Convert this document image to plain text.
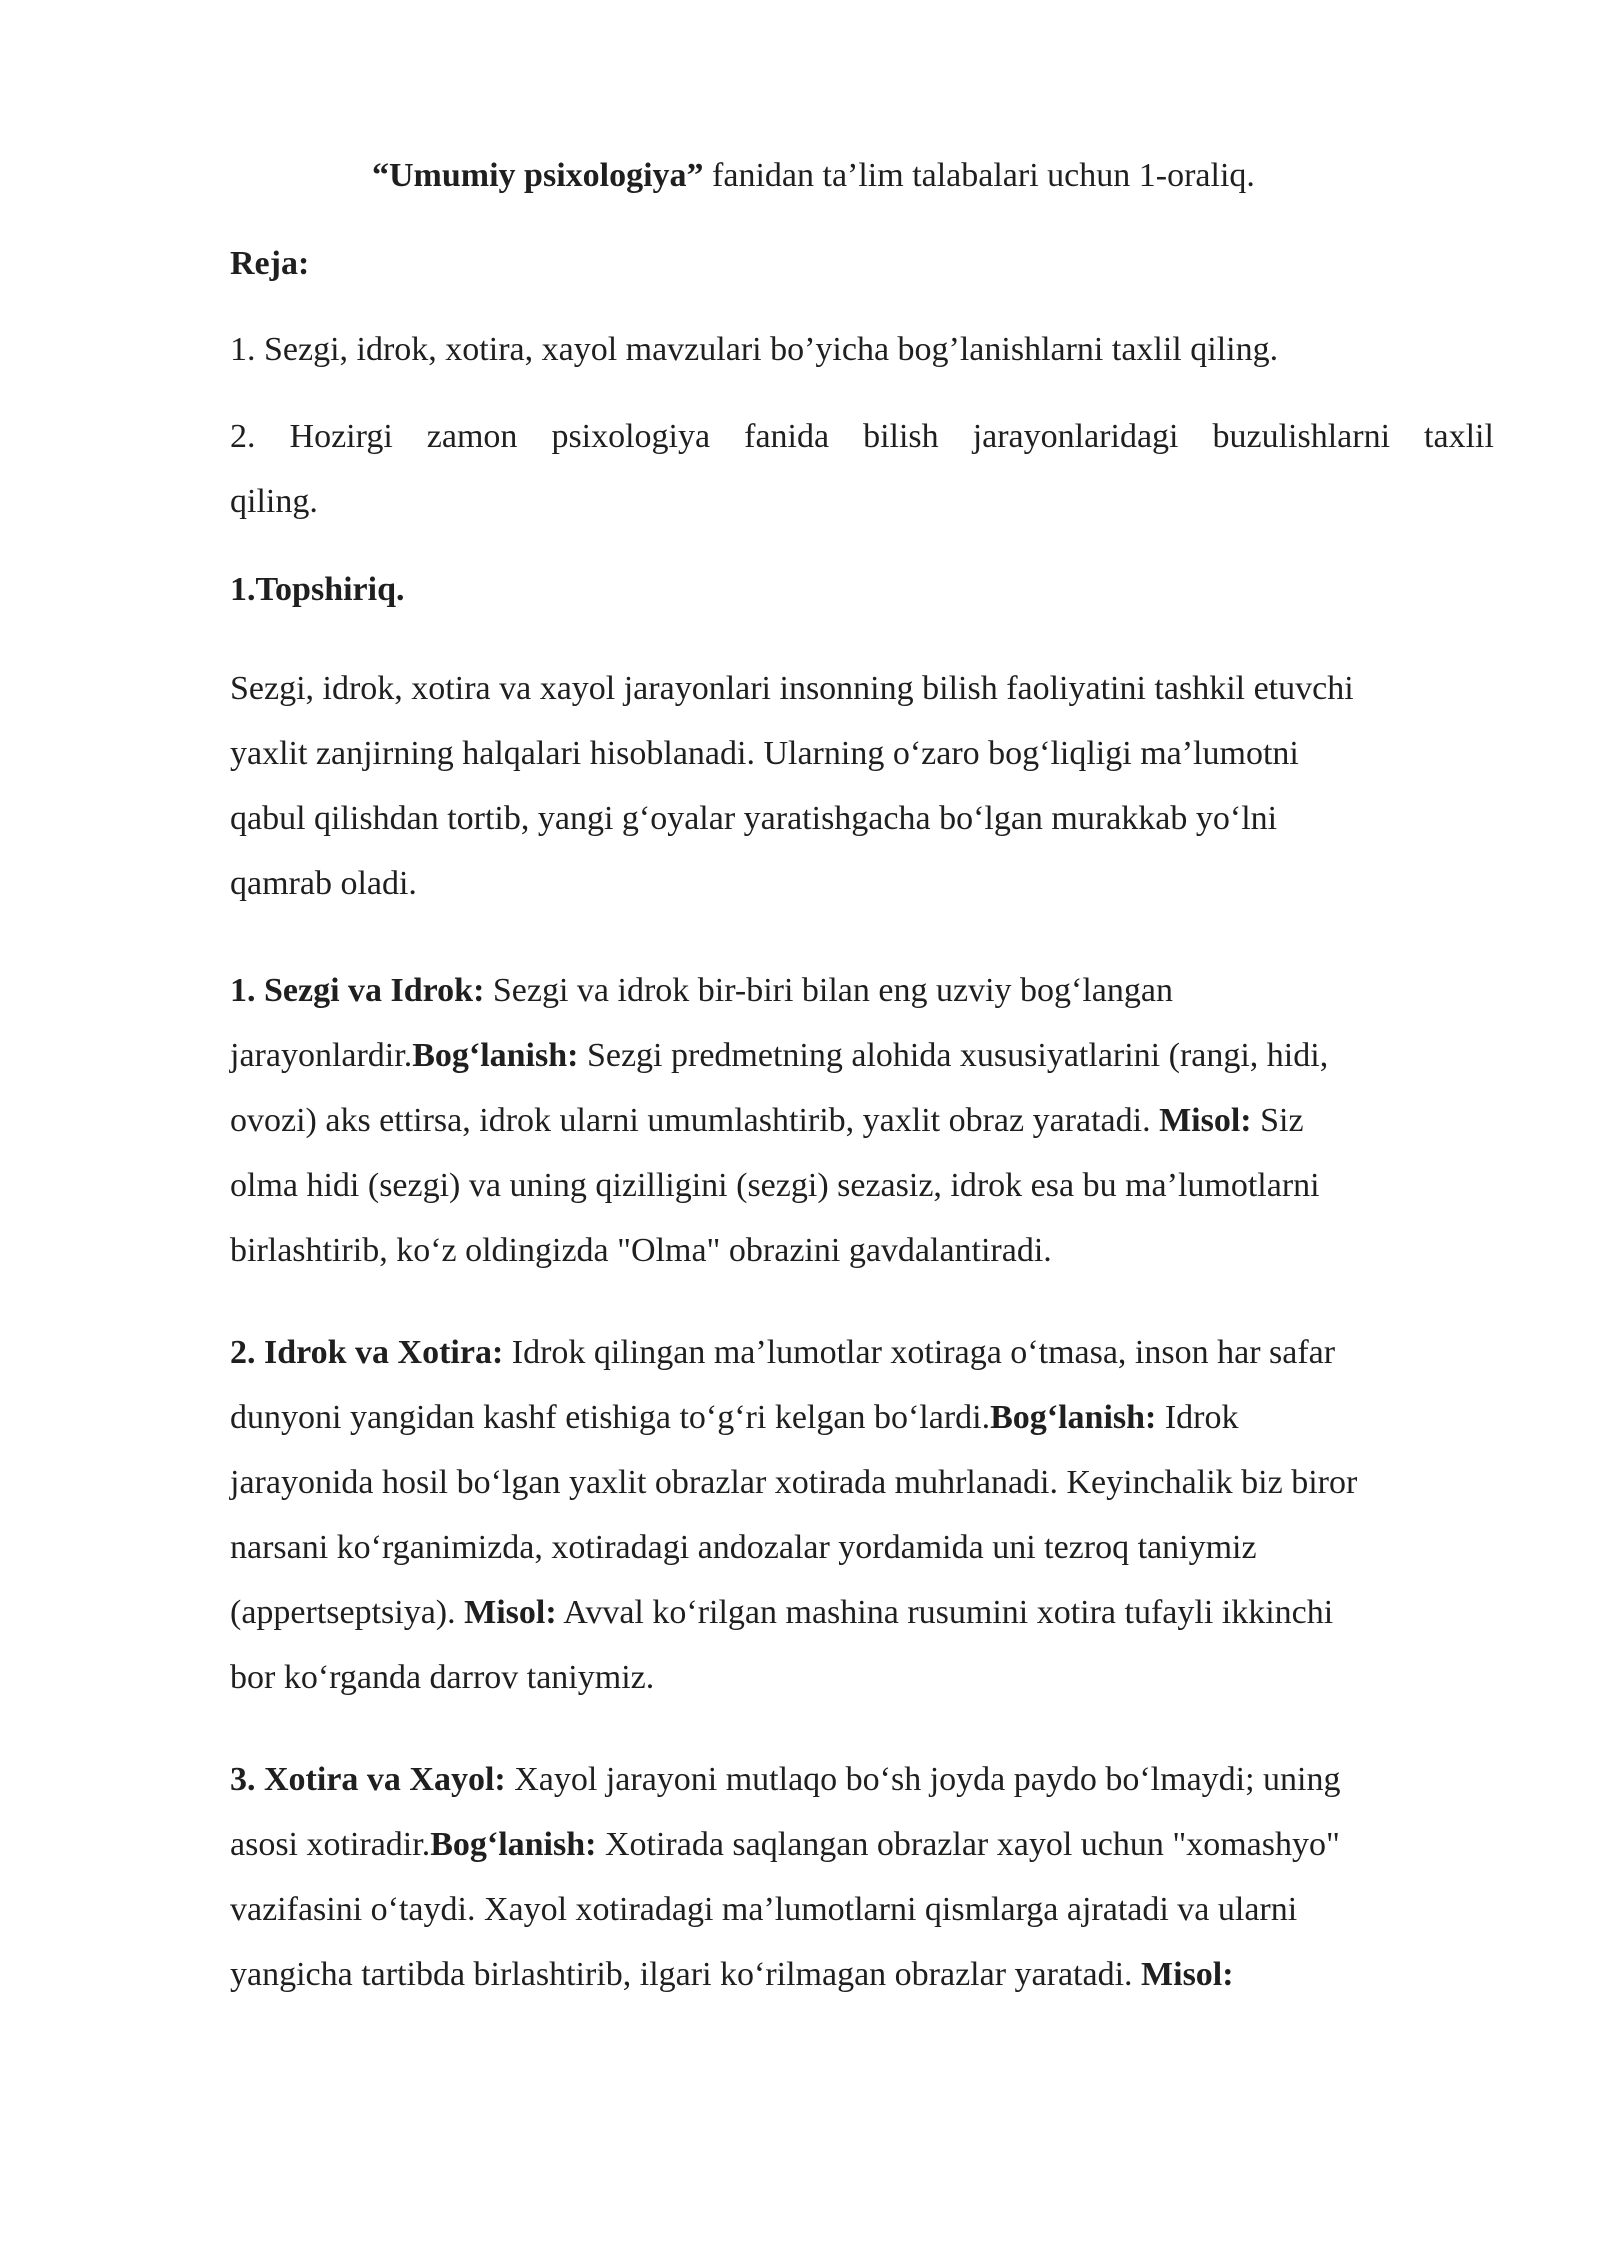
“Umumiy psixologiya” fanidan ta’lim talabalari uchun 1-oraliq.

Reja:

1. Sezgi, idrok, xotira, xayol mavzulari bo’yicha bog’lanishlarni taxlil qiling.

2. Hozirgi zamon psixologiya fanida bilish jarayonlaridagi buzulishlarni taxlil

qiling.

1.Topshiriq.

Sezgi, idrok, xotira va xayol jarayonlari insonning bilish faoliyatini tashkil etuvchi

yaxlit zanjirning halqalari hisoblanadi. Ularning o‘zaro bog‘liqligi ma’lumotni

qabul qilishdan tortib, yangi g‘oyalar yaratishgacha bo‘lgan murakkab yo‘lni

qamrab oladi.

1. Sezgi va Idrok: Sezgi va idrok bir-biri bilan eng uzviy bog‘langan

jarayonlardir.Bog‘lanish: Sezgi predmetning alohida xususiyatlarini (rangi, hidi,

ovozi) aks ettirsa, idrok ularni umumlashtirib, yaxlit obraz yaratadi. Misol: Siz

olma hidi (sezgi) va uning qizilligini (sezgi) sezasiz, idrok esa bu ma’lumotlarni

birlashtirib, ko‘z oldingizda "Olma" obrazini gavdalantiradi.

2. Idrok va Xotira: Idrok qilingan ma’lumotlar xotiraga o‘tmasa, inson har safar

dunyoni yangidan kashf etishiga to‘g‘ri kelgan bo‘lardi.Bog‘lanish: Idrok

jarayonida hosil bo‘lgan yaxlit obrazlar xotirada muhrlanadi. Keyinchalik biz biror

narsani ko‘rganimizda, xotiradagi andozalar yordamida uni tezroq taniymiz

(appertseptsiya). Misol: Avval ko‘rilgan mashina rusumini xotira tufayli ikkinchi

bor ko‘rganda darrov taniymiz.

3. Xotira va Xayol: Xayol jarayoni mutlaqo bo‘sh joyda paydo bo‘lmaydi; uning

asosi xotiradir.Bog‘lanish: Xotirada saqlangan obrazlar xayol uchun "xomashyo"

vazifasini o‘taydi. Xayol xotiradagi ma’lumotlarni qismlarga ajratadi va ularni

yangicha tartibda birlashtirib, ilgari ko‘rilmagan obrazlar yaratadi. Misol:
